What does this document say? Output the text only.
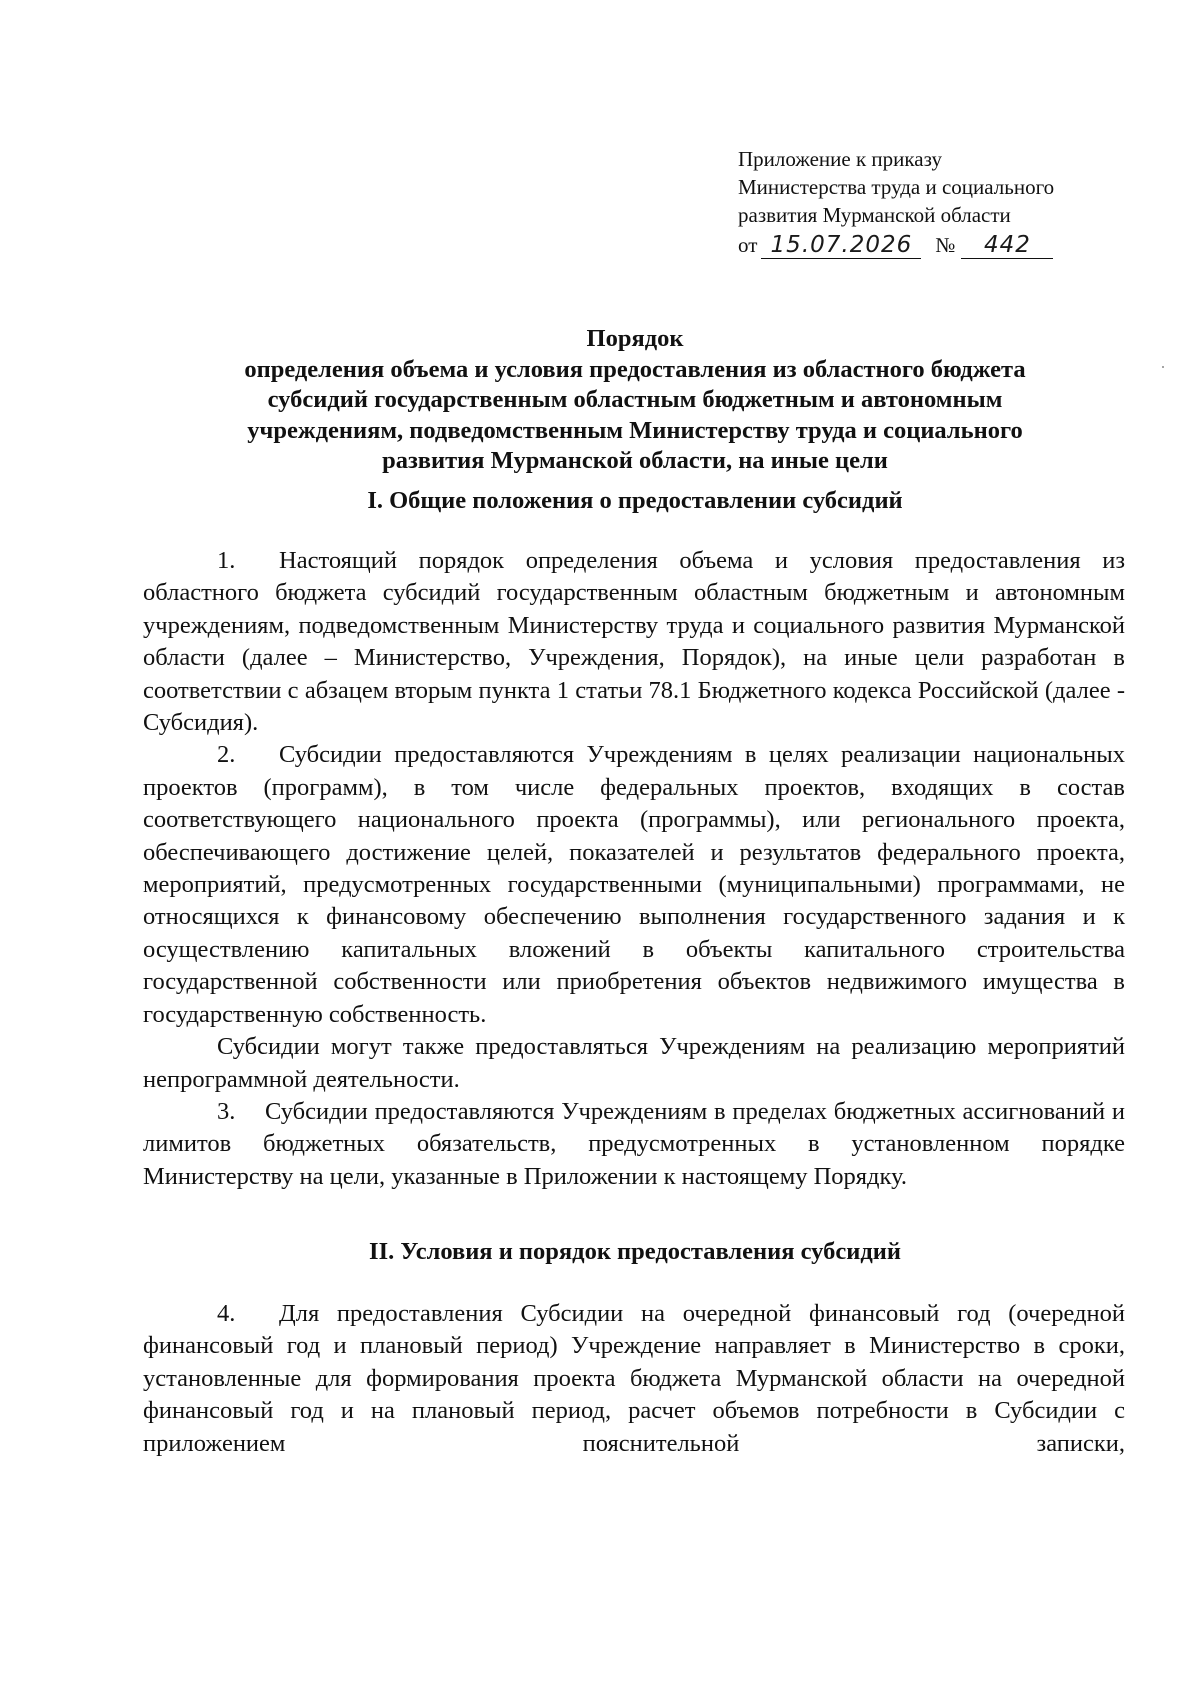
Приложение к приказу
Министерства труда и социального
развития Мурманской области
от 15.07.2026	№	442
Порядок
определения объема и условия предоставления из областного бюджета
субсидий государственным областным бюджетным и автономным
учреждениям, подведомственным Министерству труда и социального
развития Мурманской области, на иные цели
I. Общие положения о предоставлении субсидий

1. Настоящий порядок определения объема и условия предоставления из областного бюджета субсидий государственным областным бюджетным и автономным учреждениям, подведомственным Министерству труда и социального развития Мурманской области (далее – Министерство, Учреждения, Порядок), на иные цели разработан в соответствии с абзацем вторым пункта 1 статьи 78.1 Бюджетного кодекса Российской (далее - Субсидия).

2. Субсидии предоставляются Учреждениям в целях реализации национальных проектов (программ), в том числе федеральных проектов, входящих в состав соответствующего национального проекта (программы), или регионального проекта, обеспечивающего достижение целей, показателей и результатов федерального проекта, мероприятий, предусмотренных государственными (муниципальными) программами, не относящихся к финансовому обеспечению выполнения государственного задания и к осуществлению капитальных вложений в объекты капитального строительства государственной собственности или приобретения объектов недвижимого имущества в государственную собственность.

Субсидии могут также предоставляться Учреждениям на реализацию мероприятий непрограммной деятельности.

3. Субсидии предоставляются Учреждениям в пределах бюджетных ассигнований и лимитов бюджетных обязательств, предусмотренных в установленном порядке Министерству на цели, указанные в Приложении к настоящему Порядку.

II. Условия и порядок предоставления субсидий

4. Для предоставления Субсидии на очередной финансовый год (очередной финансовый год и плановый период) Учреждение направляет в Министерство в сроки, установленные для формирования проекта бюджета Мурманской области на очередной финансовый год и на плановый период, расчет объемов потребности в Субсидии с приложением пояснительной записки,
